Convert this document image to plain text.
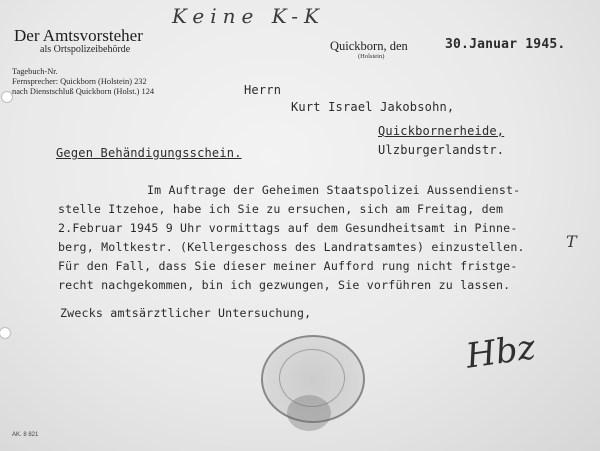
Der Amtsvorsteher
als Ortspolizeibehörde
Tagebuch-Nr.
Fernsprecher: Quickborn (Holstein) 232
nach Dienstschluß Quickborn (Holst.) 124
Keine K-K
Quickborn, den
(Holstein)
30.Januar 1945.
Herrn
Kurt Israel Jakobsohn,
Quickbornerheide,
Ulzburgerlandstr.
Gegen Behändigungsschein.
Im Auftrage der Geheimen Staatspolizei Aussendienst-
stelle Itzehoe, habe ich Sie zu ersuchen, sich am Freitag, dem
2.Februar 1945 9 Uhr vormittags auf dem Gesundheitsamt in Pinne-
berg, Moltkestr. (Kellergeschoss des Landratsamtes) einzustellen.
Für den Fall, dass Sie dieser meiner Aufford rung nicht fristge-
recht nachgekommen, bin ich gezwungen, Sie vorführen zu lassen.
Zwecks amtsärztlicher Untersuchung,
T
Hbz
AK. 8 821
